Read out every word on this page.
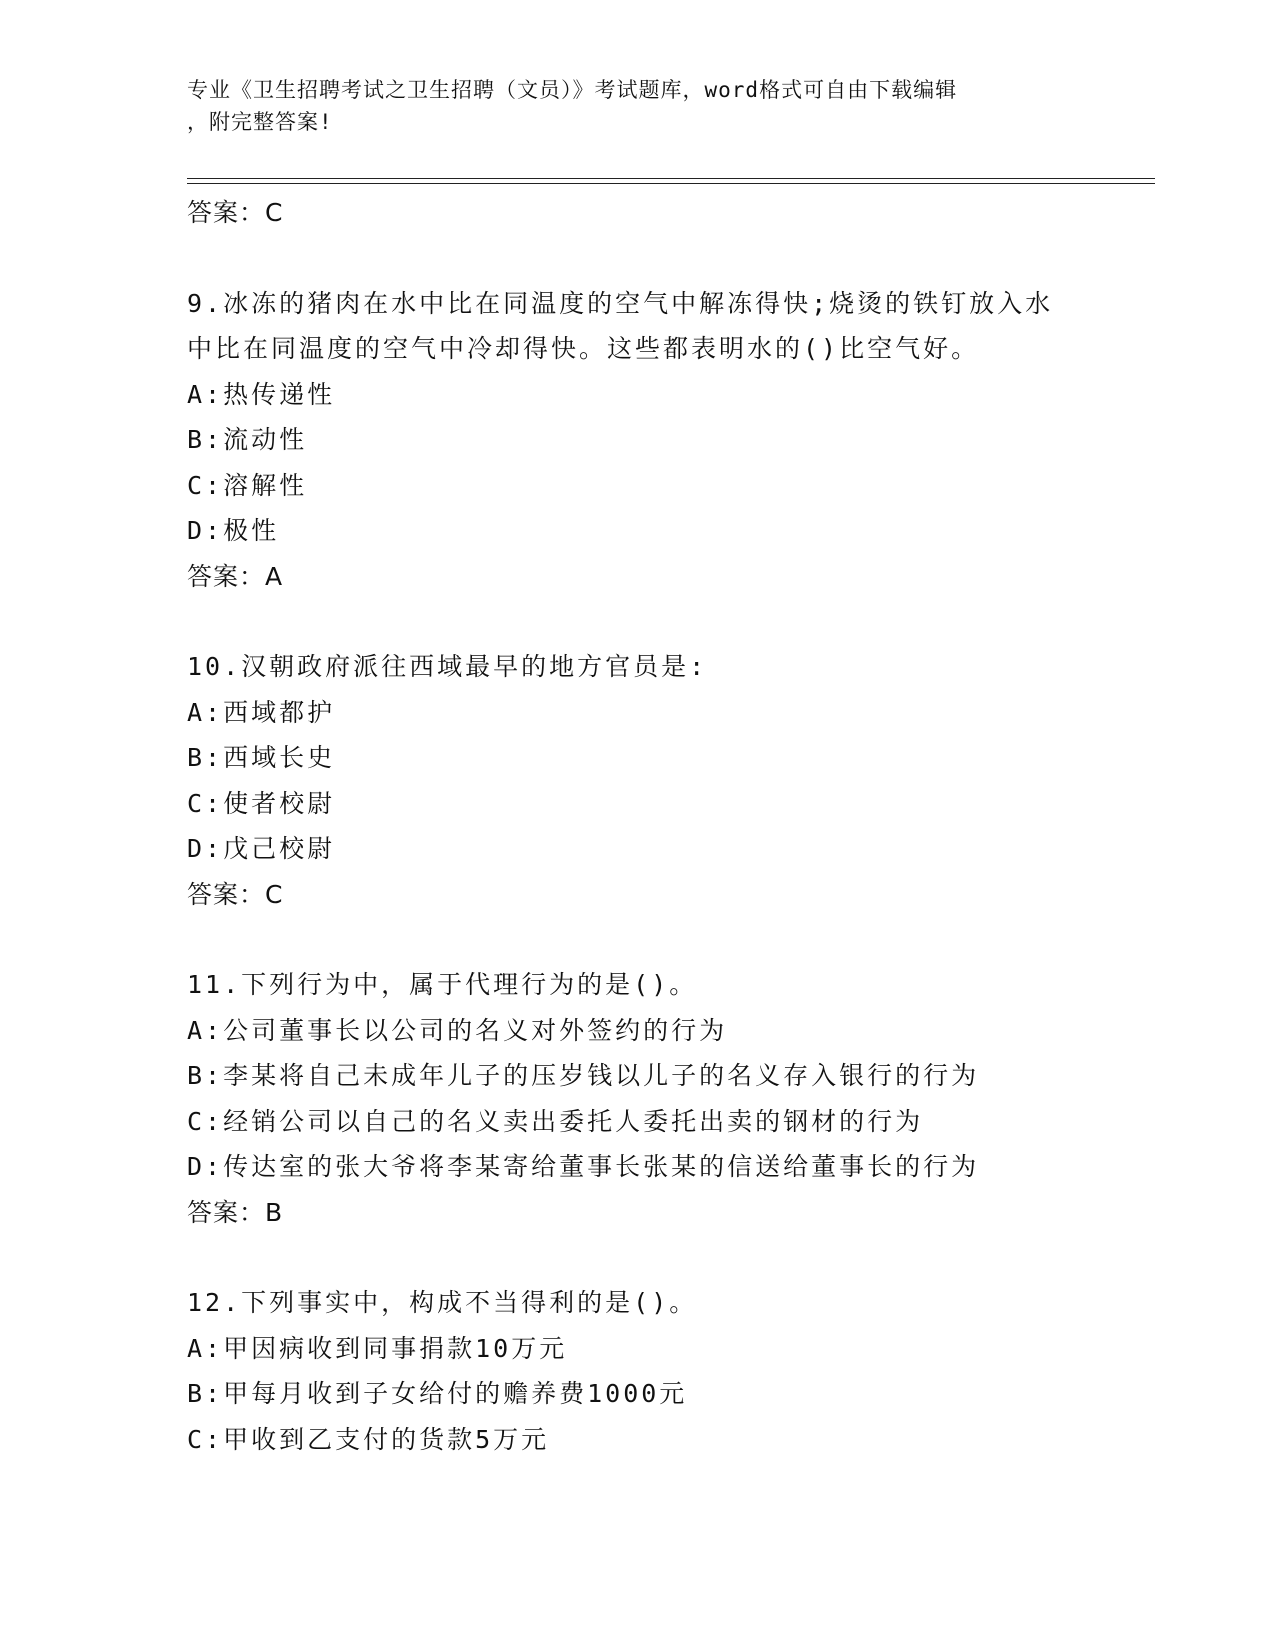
专业《卫生招聘考试之卫生招聘（文员）》考试题库，word格式可自由下载编辑
，附完整答案!
答案：C
9.冰冻的猪肉在水中比在同温度的空气中解冻得快;烧烫的铁钉放入水
中比在同温度的空气中冷却得快。这些都表明水的()比空气好。
A:热传递性
B:流动性
C:溶解性
D:极性
答案：A
10.汉朝政府派往西域最早的地方官员是:
A:西域都护
B:西域长史
C:使者校尉
D:戊己校尉
答案：C
11.下列行为中，属于代理行为的是()。
A:公司董事长以公司的名义对外签约的行为
B:李某将自己未成年儿子的压岁钱以儿子的名义存入银行的行为
C:经销公司以自己的名义卖出委托人委托出卖的钢材的行为
D:传达室的张大爷将李某寄给董事长张某的信送给董事长的行为
答案：B
12.下列事实中，构成不当得利的是()。
A:甲因病收到同事捐款10万元
B:甲每月收到子女给付的赡养费1000元
C:甲收到乙支付的货款5万元
